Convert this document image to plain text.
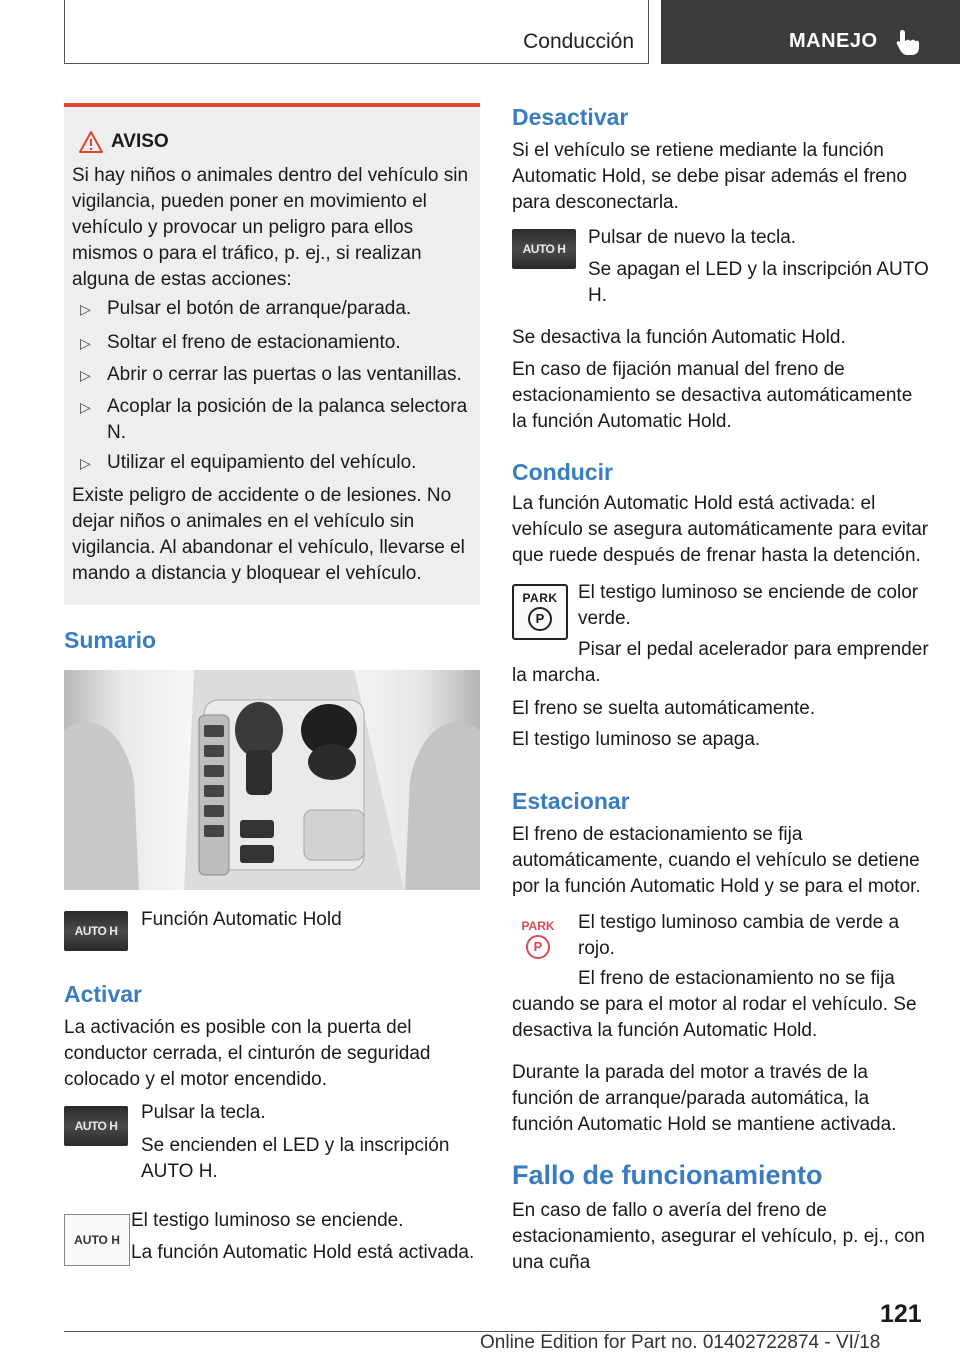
Conducción	MANEJO
AVISO

Si hay niños o animales dentro del vehículo sin vigilancia, pueden poner en movimiento el vehículo y provocar un peligro para ellos mismos o para el tráfico, p. ej., si realizan alguna de estas acciones:

▷ Pulsar el botón de arranque/parada.
▷ Soltar el freno de estacionamiento.
▷ Abrir o cerrar las puertas o las ventanillas.
▷ Acoplar la posición de la palanca selectora N.
▷ Utilizar el equipamiento del vehículo.

Existe peligro de accidente o de lesiones. No dejar niños o animales en el vehículo sin vigilancia. Al abandonar el vehículo, llevarse el mando a distancia y bloquear el vehículo.

Sumario
AUTO H

Función Automatic Hold

Activar

La activación es posible con la puerta del conductor cerrada, el cinturón de seguridad colocado y el motor encendido.

AUTO H

Pulsar la tecla.

Se encienden el LED y la inscripción AUTO H.

AUTO H

El testigo luminoso se enciende.

La función Automatic Hold está activada.

Desactivar

Si el vehículo se retiene mediante la función Automatic Hold, se debe pisar además el freno para desconectarla.

AUTO H

Pulsar de nuevo la tecla.

Se apagan el LED y la inscripción AUTO H.

Se desactiva la función Automatic Hold.

En caso de fijación manual del freno de estacionamiento se desactiva automáticamente la función Automatic Hold.

Conducir

La función Automatic Hold está activada: el vehículo se asegura automáticamente para evitar que ruede después de frenar hasta la detención.

PARK
P

El testigo luminoso se enciende de color verde.

Pisar el pedal acelerador para emprender la marcha.

El freno se suelta automáticamente.

El testigo luminoso se apaga.

Estacionar

El freno de estacionamiento se fija automáticamente, cuando el vehículo se detiene por la función Automatic Hold y se para el motor.

PARK
P

El testigo luminoso cambia de verde a rojo.

El freno de estacionamiento no se fija cuando se para el motor al rodar el vehículo. Se desactiva la función Automatic Hold.

Durante la parada del motor a través de la función de arranque/parada automática, la función Automatic Hold se mantiene activada.

Fallo de funcionamiento

En caso de fallo o avería del freno de estacionamiento, asegurar el vehículo, p. ej., con una cuña

121
Online Edition for Part no. 01402722874 - VI/18
